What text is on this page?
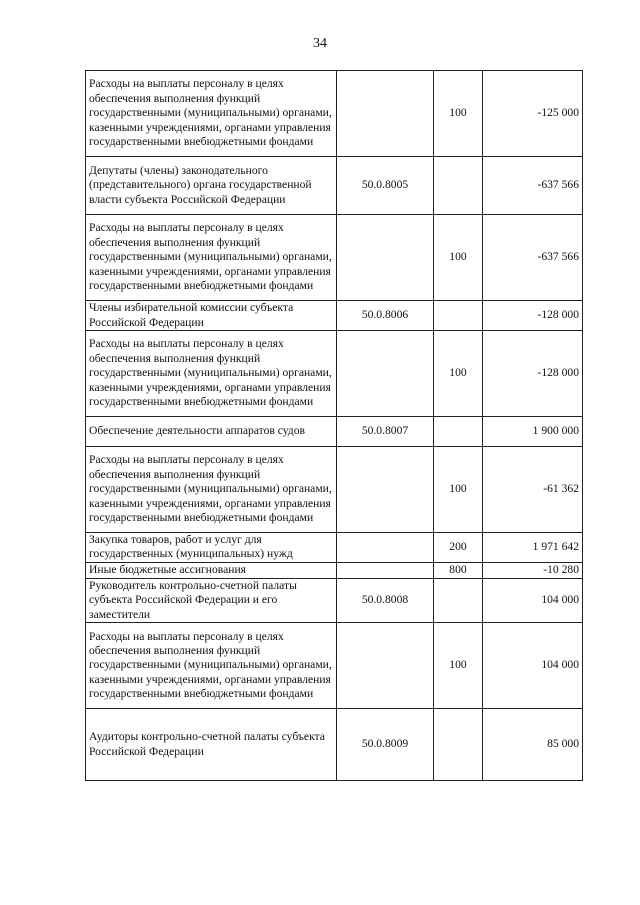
34
Расходы на выплаты персоналу в целях обеспечения выполнения функций государственными (муниципальными) органами, казенными учреждениями, органами управления государственными внебюджетными фондами		100	-125 000
Депутаты (члены) законодательного (представительного) органа государственной власти субъекта Российской Федерации	50.0.8005		-637 566
Расходы на выплаты персоналу в целях обеспечения выполнения функций государственными (муниципальными) органами, казенными учреждениями, органами управления государственными внебюджетными фондами		100	-637 566
Члены избирательной комиссии субъекта Российской Федерации	50.0.8006		-128 000
Расходы на выплаты персоналу в целях обеспечения выполнения функций государственными (муниципальными) органами, казенными учреждениями, органами управления государственными внебюджетными фондами		100	-128 000
Обеспечение деятельности аппаратов судов	50.0.8007		1 900 000
Расходы на выплаты персоналу в целях обеспечения выполнения функций государственными (муниципальными) органами, казенными учреждениями, органами управления государственными внебюджетными фондами		100	-61 362
Закупка товаров, работ и услуг для государственных (муниципальных) нужд		200	1 971 642
Иные бюджетные ассигнования		800	-10 280
Руководитель контрольно-счетной палаты субъекта Российской Федерации и его заместители	50.0.8008		104 000
Расходы на выплаты персоналу в целях обеспечения выполнения функций государственными (муниципальными) органами, казенными учреждениями, органами управления государственными внебюджетными фондами		100	104 000
Аудиторы контрольно-счетной палаты субъекта Российской Федерации	50.0.8009		85 000
